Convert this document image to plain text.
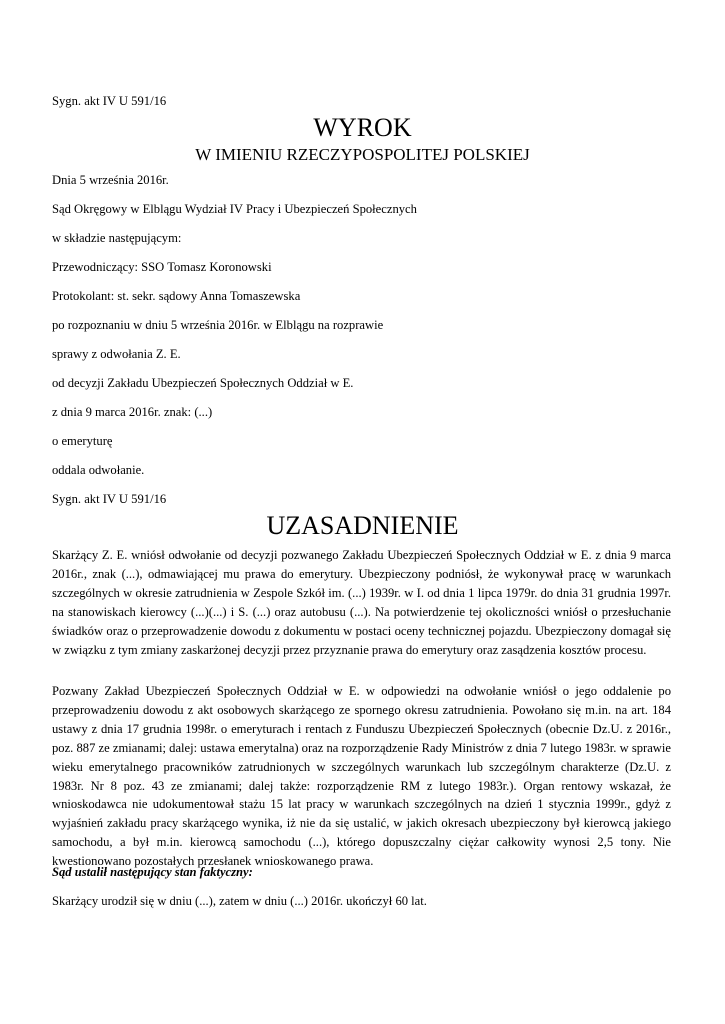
Sygn. akt IV U 591/16
WYROK
W IMIENIU RZECZYPOSPOLITEJ POLSKIEJ
Dnia 5 września 2016r.
Sąd Okręgowy w Elblągu Wydział IV Pracy i Ubezpieczeń Społecznych
w składzie następującym:
Przewodniczący: SSO Tomasz Koronowski
Protokolant: st. sekr. sądowy Anna Tomaszewska
po rozpoznaniu w dniu 5 września 2016r. w Elblągu na rozprawie
sprawy z odwołania Z. E.
od decyzji Zakładu Ubezpieczeń Społecznych Oddział w E.
z dnia 9 marca 2016r. znak: (...)
o emeryturę
oddala odwołanie.
Sygn. akt IV U 591/16
UZASADNIENIE
Skarżący Z. E. wniósł odwołanie od decyzji pozwanego Zakładu Ubezpieczeń Społecznych Oddział w E. z dnia 9 marca 2016r., znak (...), odmawiającej mu prawa do emerytury. Ubezpieczony podniósł, że wykonywał pracę w warunkach szczególnych w okresie zatrudnienia w Zespole Szkół im. (...) 1939r. w I. od dnia 1 lipca 1979r. do dnia 31 grudnia 1997r. na stanowiskach kierowcy (...)(...) i S. (...) oraz autobusu (...). Na potwierdzenie tej okoliczności wniósł o przesłuchanie świadków oraz o przeprowadzenie dowodu z dokumentu w postaci oceny technicznej pojazdu. Ubezpieczony domagał się w związku z tym zmiany zaskarżonej decyzji przez przyznanie prawa do emerytury oraz zasądzenia kosztów procesu.
Pozwany Zakład Ubezpieczeń Społecznych Oddział w E. w odpowiedzi na odwołanie wniósł o jego oddalenie po przeprowadzeniu dowodu z akt osobowych skarżącego ze spornego okresu zatrudnienia. Powołano się m.in. na art. 184 ustawy z dnia 17 grudnia 1998r. o emeryturach i rentach z Funduszu Ubezpieczeń Społecznych (obecnie Dz.U. z 2016r., poz. 887 ze zmianami; dalej: ustawa emerytalna) oraz na rozporządzenie Rady Ministrów z dnia 7 lutego 1983r. w sprawie wieku emerytalnego pracowników zatrudnionych w szczególnych warunkach lub szczególnym charakterze (Dz.U. z 1983r. Nr 8 poz. 43 ze zmianami; dalej także: rozporządzenie RM z lutego 1983r.). Organ rentowy wskazał, że wnioskodawca nie udokumentował stażu 15 lat pracy w warunkach szczególnych na dzień 1 stycznia 1999r., gdyż z wyjaśnień zakładu pracy skarżącego wynika, iż nie da się ustalić, w jakich okresach ubezpieczony był kierowcą jakiego samochodu, a był m.in. kierowcą samochodu (...), którego dopuszczalny ciężar całkowity wynosi 2,5 tony. Nie kwestionowano pozostałych przesłanek wnioskowanego prawa.
Sąd ustalił następujący stan faktyczny:
Skarżący urodził się w dniu (...), zatem w dniu (...) 2016r. ukończył 60 lat.
